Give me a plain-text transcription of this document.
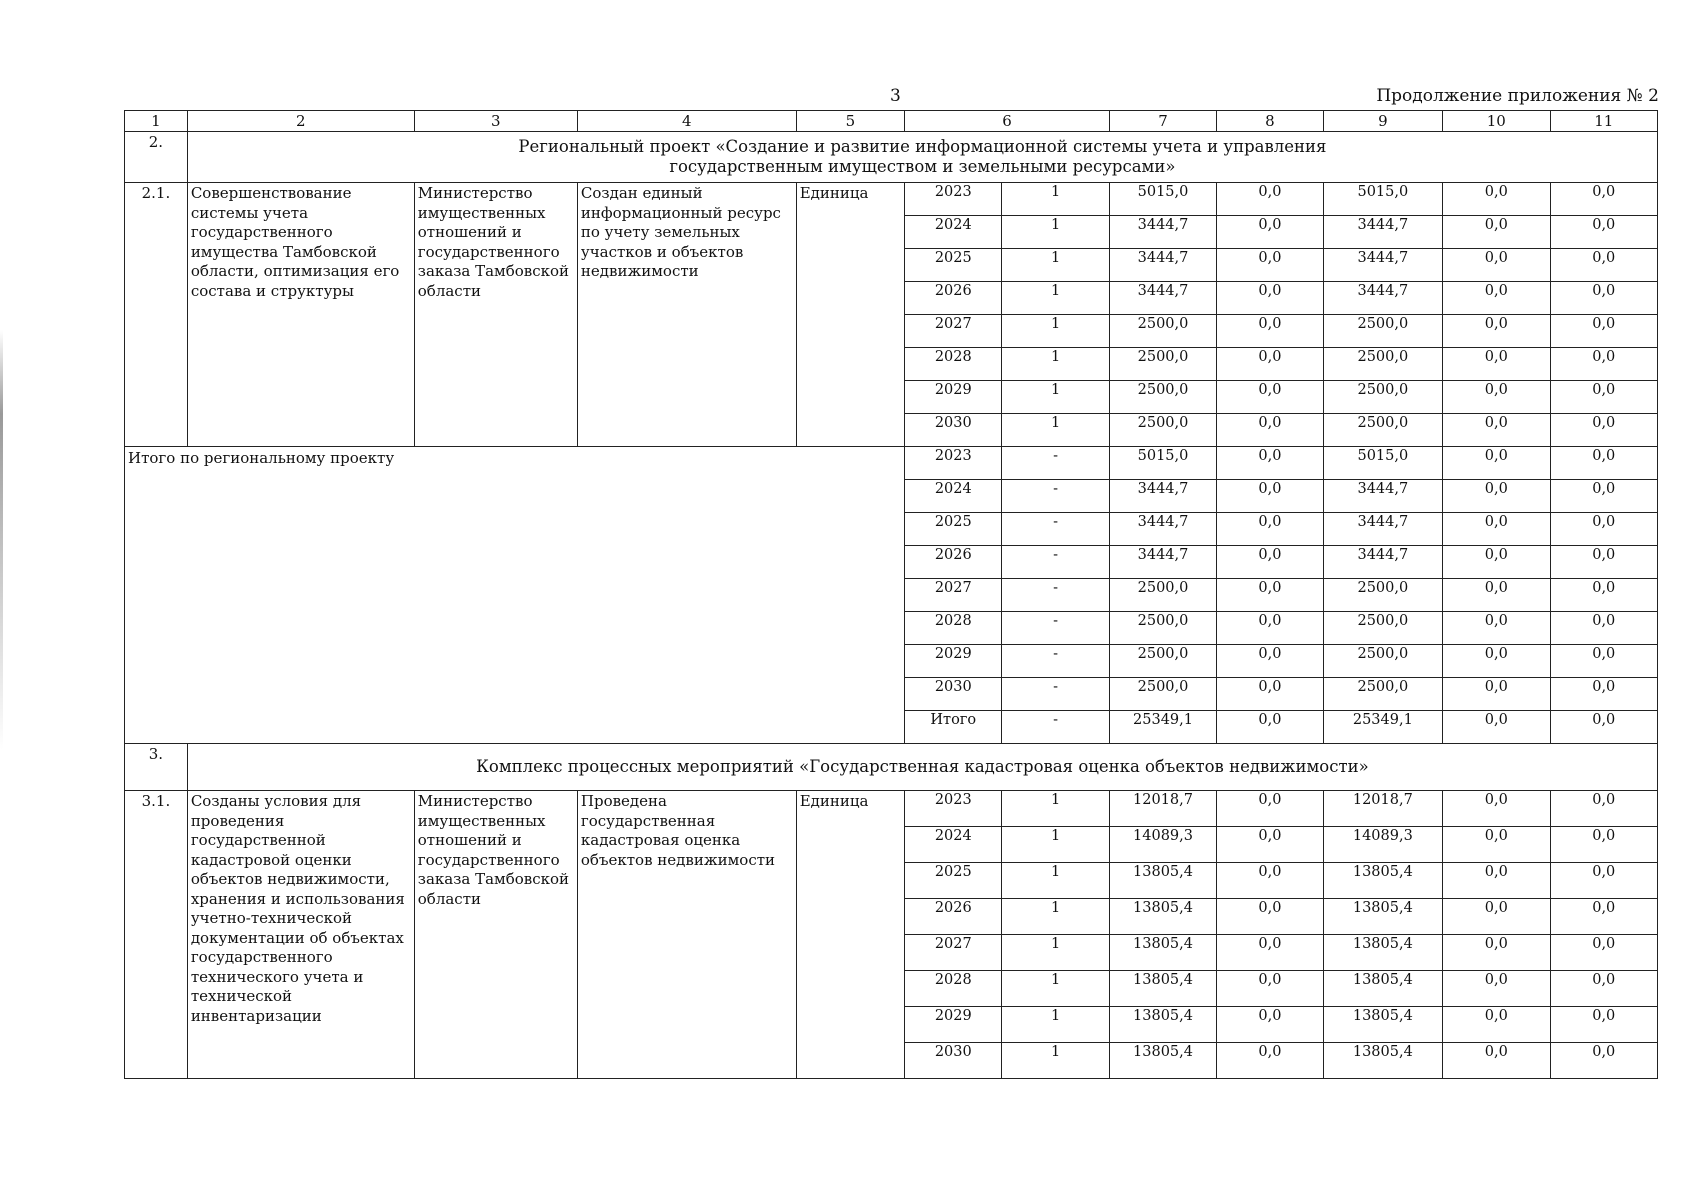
3	Продолжение приложения № 2
1	2	3	4	5	6		7	8	9	10	11
2.	Региональный проект «Создание и развитие информационной системы учета и управления
государственным имуществом и земельными ресурсами»										

2.1.	Совершенствование системы учета государственного имущества Тамбовской области, оптимизация его состава и структуры	Министерство имущественных отношений и государственного заказа Тамбовской области	Создан единый информационный ресурс по учету земельных участков и объектов недвижимости	Единица	2023	1	5015,0	0,0	5015,0	0,0	0,0
					2024	1	3444,7	0,0	3444,7	0,0	0,0
					2025	1	3444,7	0,0	3444,7	0,0	0,0
					2026	1	3444,7	0,0	3444,7	0,0	0,0
					2027	1	2500,0	0,0	2500,0	0,0	0,0
					2028	1	2500,0	0,0	2500,0	0,0	0,0
					2029	1	2500,0	0,0	2500,0	0,0	0,0
					2030	1	2500,0	0,0	2500,0	0,0	0,0
Итого по региональному проекту					2023	-	5015,0	0,0	5015,0	0,0	0,0
					2024	-	3444,7	0,0	3444,7	0,0	0,0
					2025	-	3444,7	0,0	3444,7	0,0	0,0
					2026	-	3444,7	0,0	3444,7	0,0	0,0
					2027	-	2500,0	0,0	2500,0	0,0	0,0
					2028	-	2500,0	0,0	2500,0	0,0	0,0
					2029	-	2500,0	0,0	2500,0	0,0	0,0
					2030	-	2500,0	0,0	2500,0	0,0	0,0
					Итого	-	25349,1	0,0	25349,1	0,0	0,0
3.	Комплекс процессных мероприятий «Государственная кадастровая оценка объектов недвижимости»										
3.1.	Созданы условия для проведения государственной кадастровой оценки объектов недвижимости, хранения и использования учетно-технической документации об объектах государственного технического учета и технической инвентаризации	Министерство имущественных отношений и государственного заказа Тамбовской области	Проведена государственная кадастровая оценка объектов недвижимости	Единица	2023	1	12018,7	0,0	12018,7	0,0	0,0
					2024	1	14089,3	0,0	14089,3	0,0	0,0
					2025	1	13805,4	0,0	13805,4	0,0	0,0
					2026	1	13805,4	0,0	13805,4	0,0	0,0
					2027	1	13805,4	0,0	13805,4	0,0	0,0
					2028	1	13805,4	0,0	13805,4	0,0	0,0
					2029	1	13805,4	0,0	13805,4	0,0	0,0
					2030	1	13805,4	0,0	13805,4	0,0	0,0
